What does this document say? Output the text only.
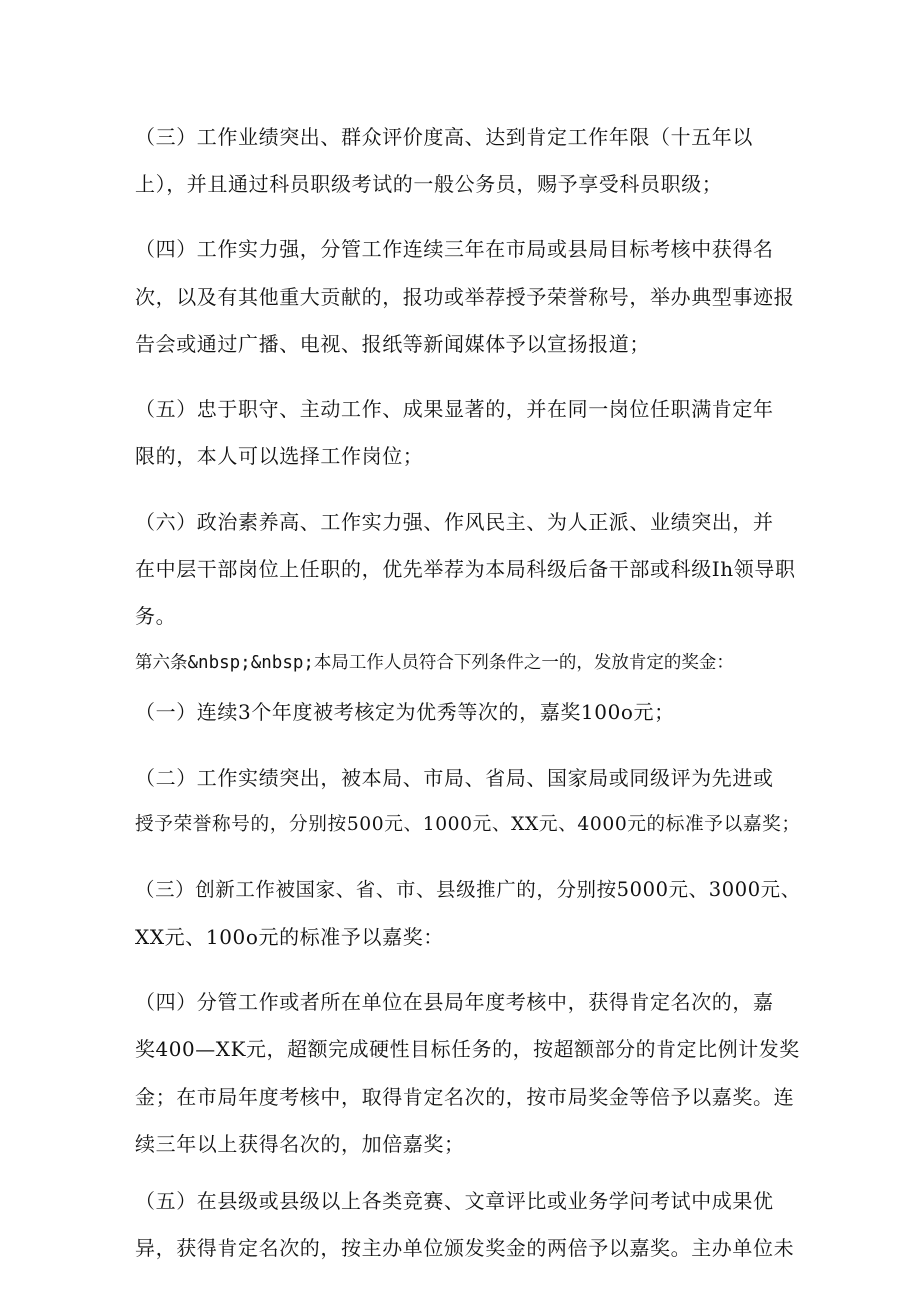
（三）工作业绩突出、群众评价度高、达到肯定工作年限（十五年以
上），并且通过科员职级考试的一般公务员，赐予享受科员职级；
（四）工作实力强，分管工作连续三年在市局或县局目标考核中获得名
次，以及有其他重大贡献的，报功或举荐授予荣誉称号，举办典型事迹报
告会或通过广播、电视、报纸等新闻媒体予以宣扬报道；
（五）忠于职守、主动工作、成果显著的，并在同一岗位任职满肯定年
限的，本人可以选择工作岗位；
（六）政治素养高、工作实力强、作风民主、为人正派、业绩突出，并
在中层干部岗位上任职的，优先举荐为本局科级后备干部或科级Ih领导职
务。
第六条&nbsp;&nbsp;本局工作人员符合下列条件之一的，发放肯定的奖金：
（一）连续3个年度被考核定为优秀等次的，嘉奖100o元；
（二）工作实绩突出，被本局、市局、省局、国家局或同级评为先进或
授予荣誉称号的，分别按500元、1000元、XX元、4000元的标准予以嘉奖；
（三）创新工作被国家、省、市、县级推广的，分别按5000元、3000元、
XX元、100o元的标准予以嘉奖：
（四）分管工作或者所在单位在县局年度考核中，获得肯定名次的，嘉
奖400—XK元，超额完成硬性目标任务的，按超额部分的肯定比例计发奖
金；在市局年度考核中，取得肯定名次的，按市局奖金等倍予以嘉奖。连
续三年以上获得名次的，加倍嘉奖；
（五）在县级或县级以上各类竞赛、文章评比或业务学问考试中成果优
异，获得肯定名次的，按主办单位颁发奖金的两倍予以嘉奖。主办单位未
